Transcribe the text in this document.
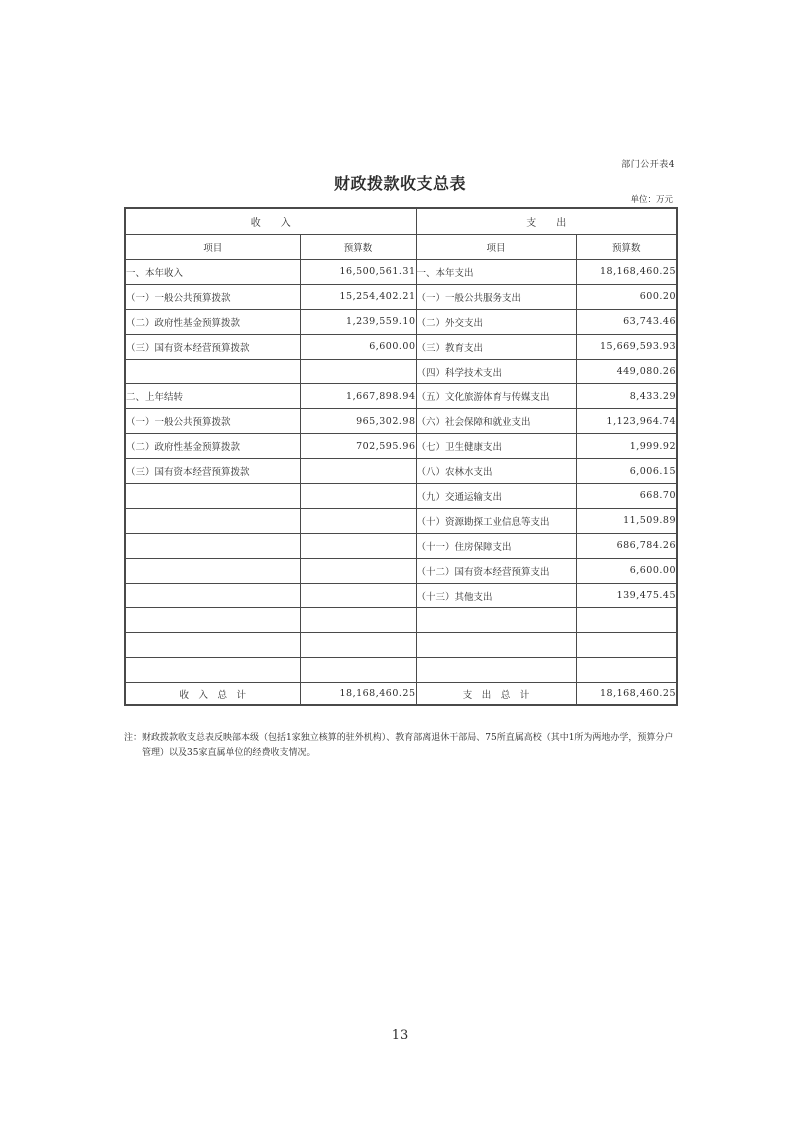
部门公开表4
财政拨款收支总表
单位：万元
收　　入		支　　出	
项目	预算数	项目	预算数
一、本年收入	16,500,561.31	一、本年支出	18,168,460.25
（一）一般公共预算拨款	15,254,402.21	（一）一般公共服务支出	600.20
（二）政府性基金预算拨款	1,239,559.10	（二）外交支出	63,743.46
（三）国有资本经营预算拨款	6,600.00	（三）教育支出	15,669,593.93
		（四）科学技术支出	449,080.26
二、上年结转	1,667,898.94	（五）文化旅游体育与传媒支出	8,433.29
（一）一般公共预算拨款	965,302.98	（六）社会保障和就业支出	1,123,964.74
（二）政府性基金预算拨款	702,595.96	（七）卫生健康支出	1,999.92
（三）国有资本经营预算拨款		（八）农林水支出	6,006.15
		（九）交通运输支出	668.70
		（十）资源勘探工业信息等支出	11,509.89
		（十一）住房保障支出	686,784.26
		（十二）国有资本经营预算支出	6,600.00
		（十三）其他支出	139,475.45

收　入　总　计	18,168,460.25	支　出　总　计	18,168,460.25
注：财政拨款收支总表反映部本级（包括1家独立核算的驻外机构）、教育部离退休干部局、75所直属高校（其中1所为两地办学，预算分户
管理）以及35家直属单位的经费收支情况。
13
